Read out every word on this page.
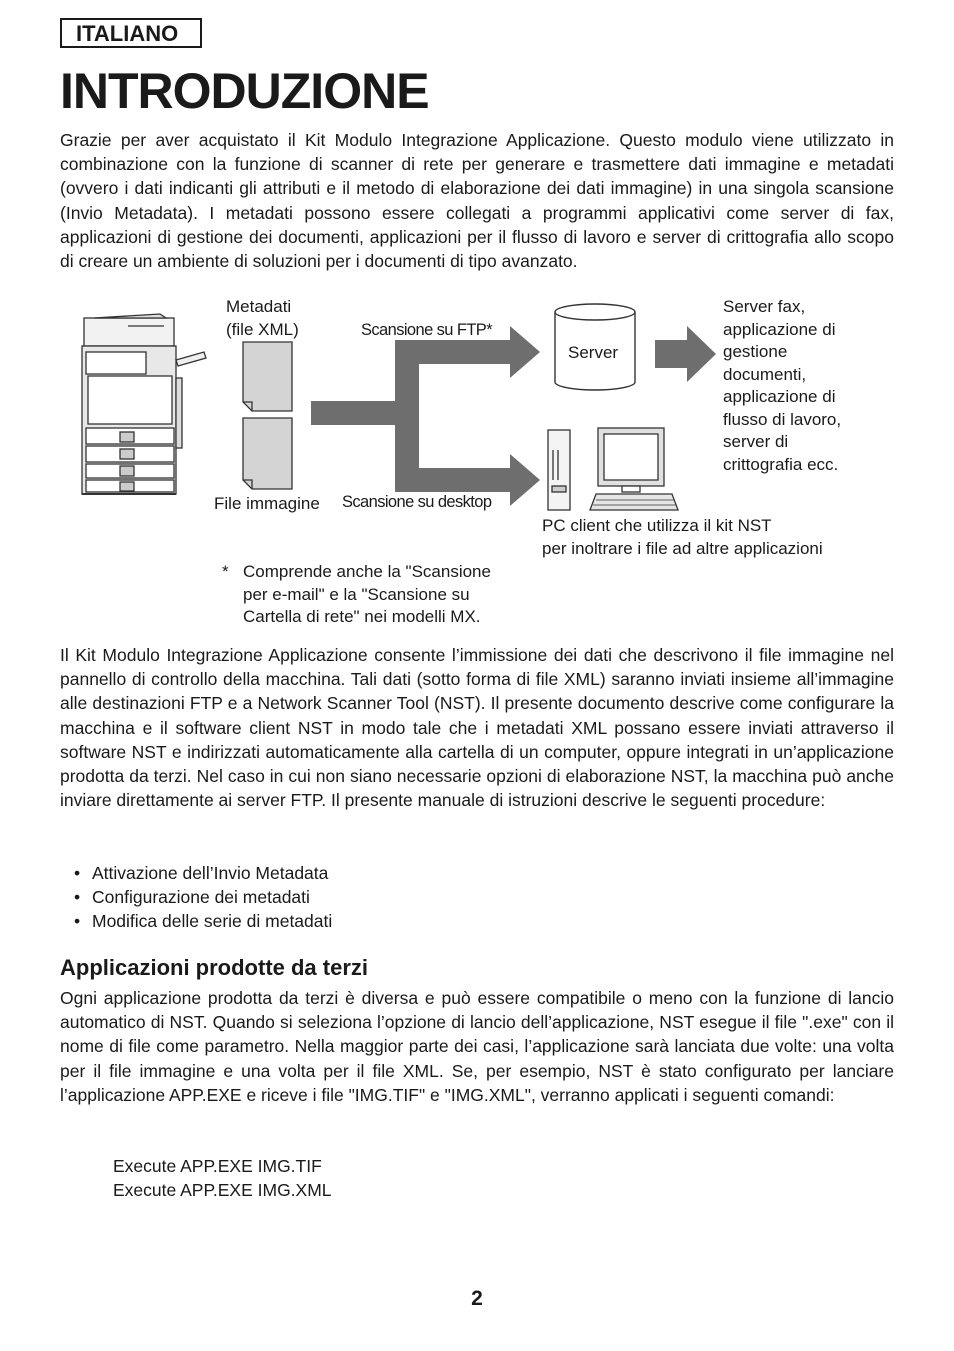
ITALIANO
INTRODUZIONE

Grazie per aver acquistato il Kit Modulo Integrazione Applicazione. Questo modulo viene utilizzato in combinazione con la funzione di scanner di rete per generare e trasmettere dati immagine e metadati (ovvero i dati indicanti gli attributi e il metodo di elaborazione dei dati immagine) in una singola scansione (Invio Metadata). I metadati possono essere collegati a programmi applicativi come server di fax, applicazioni di gestione dei documenti, applicazioni per il flusso di lavoro e server di crittografia allo scopo di creare un ambiente di soluzioni per i documenti di tipo avanzato.

Metadati
(file XML)
File immagine
Scansione su FTP*
Scansione su desktop
Server
Server fax,
applicazione di
gestione
documenti,
applicazione di
flusso di lavoro,
server di
crittografia ecc.
PC client che utilizza il kit NST
per inoltrare i file ad altre applicazioni
* Comprende anche la "Scansione
per e-mail" e la "Scansione su
Cartella di rete" nei modelli MX.

Il Kit Modulo Integrazione Applicazione consente l’immissione dei dati che descrivono il file immagine nel pannello di controllo della macchina. Tali dati (sotto forma di file XML) saranno inviati insieme all’immagine alle destinazioni FTP e a Network Scanner Tool (NST). Il presente documento descrive come configurare la macchina e il software client NST in modo tale che i metadati XML possano essere inviati attraverso il software NST e indirizzati automaticamente alla cartella di un computer, oppure integrati in un’applicazione prodotta da terzi. Nel caso in cui non siano necessarie opzioni di elaborazione NST, la macchina può anche inviare direttamente ai server FTP. Il presente manuale di istruzioni descrive le seguenti procedure:

• Attivazione dell’Invio Metadata
• Configurazione dei metadati
• Modifica delle serie di metadati
Applicazioni prodotte da terzi

Ogni applicazione prodotta da terzi è diversa e può essere compatibile o meno con la funzione di lancio automatico di NST. Quando si seleziona l’opzione di lancio dell’applicazione, NST esegue il file ".exe" con il nome di file come parametro. Nella maggior parte dei casi, l’applicazione sarà lanciata due volte: una volta per il file immagine e una volta per il file XML. Se, per esempio, NST è stato configurato per lanciare l’applicazione APP.EXE e riceve i file "IMG.TIF" e "IMG.XML", verranno applicati i seguenti comandi:

Execute APP.EXE IMG.TIF
Execute APP.EXE IMG.XML
2
